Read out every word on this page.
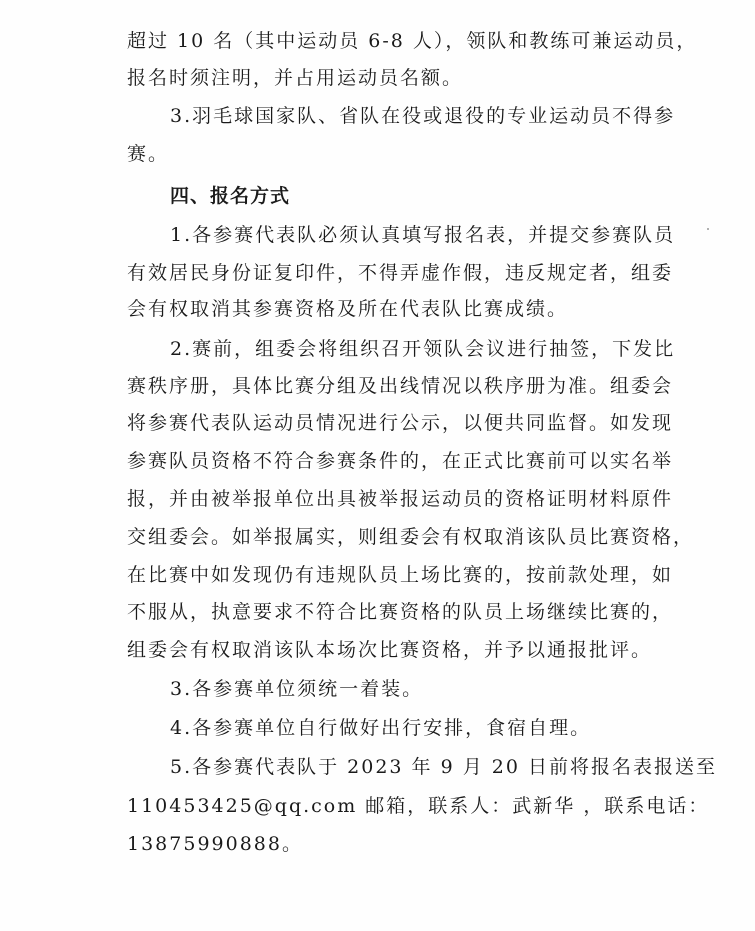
超过 10 名（其中运动员 6-8 人），领队和教练可兼运动员，
报名时须注明，并占用运动员名额。
3.羽毛球国家队、省队在役或退役的专业运动员不得参
赛。
四、报名方式
1.各参赛代表队必须认真填写报名表，并提交参赛队员
有效居民身份证复印件，不得弄虚作假，违反规定者，组委
会有权取消其参赛资格及所在代表队比赛成绩。
2.赛前，组委会将组织召开领队会议进行抽签，下发比
赛秩序册，具体比赛分组及出线情况以秩序册为准。组委会
将参赛代表队运动员情况进行公示，以便共同监督。如发现
参赛队员资格不符合参赛条件的，在正式比赛前可以实名举
报，并由被举报单位出具被举报运动员的资格证明材料原件
交组委会。如举报属实，则组委会有权取消该队员比赛资格，
在比赛中如发现仍有违规队员上场比赛的，按前款处理，如
不服从，执意要求不符合比赛资格的队员上场继续比赛的，
组委会有权取消该队本场次比赛资格，并予以通报批评。
3.各参赛单位须统一着装。
4.各参赛单位自行做好出行安排，食宿自理。
5.各参赛代表队于 2023 年 9 月 20 日前将报名表报送至
110453425@qq.com 邮箱，联系人：武新华 ，联系电话：
13875990888。
